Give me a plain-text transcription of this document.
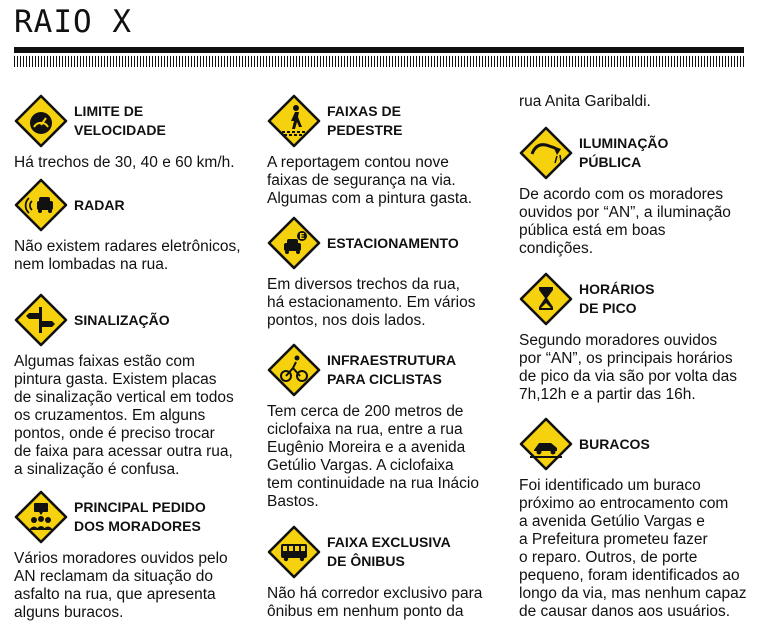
RAIO X
LIMITE DE
VELOCIDADE

Há trechos de 30, 40 e 60 km/h.

RADAR

Não existem radares eletrônicos,
nem lombadas na rua.

SINALIZAÇÃO

Algumas faixas estão com
pintura gasta. Existem placas
de sinalização vertical em todos
os cruzamentos. Em alguns
pontos, onde é preciso trocar
de faixa para acessar outra rua,
a sinalização é confusa.

PRINCIPAL PEDIDO
DOS MORADORES

Vários moradores ouvidos pelo
AN reclamam da situação do
asfalto na rua, que apresenta
alguns buracos.

FAIXAS DE
PEDESTRE

A reportagem contou nove
faixas de segurança na via.
Algumas com a pintura gasta.

E ESTACIONAMENTO

Em diversos trechos da rua,
há estacionamento. Em vários
pontos, nos dois lados.

INFRAESTRUTURA
PARA CICLISTAS

Tem cerca de 200 metros de
ciclofaixa na rua, entre a rua
Eugênio Moreira e a avenida
Getúlio Vargas. A ciclofaixa
tem continuidade na rua Inácio
Bastos.

FAIXA EXCLUSIVA
DE ÔNIBUS

Não há corredor exclusivo para
ônibus em nenhum ponto da

ILUMINAÇÃO
PÚBLICA

De acordo com os moradores
ouvidos por “AN”, a iluminação
pública está em boas
condições.

HORÁRIOS
DE PICO

Segundo moradores ouvidos
por “AN”, os principais horários
de pico da via são por volta das
7h,12h e a partir das 16h.

BURACOS

Foi identificado um buraco
próximo ao entrocamento com
a avenida Getúlio Vargas e
a Prefeitura prometeu fazer
o reparo. Outros, de porte
pequeno, foram identificados ao
longo da via, mas nenhum capaz
de causar danos aos usuários.

rua Anita Garibaldi.
